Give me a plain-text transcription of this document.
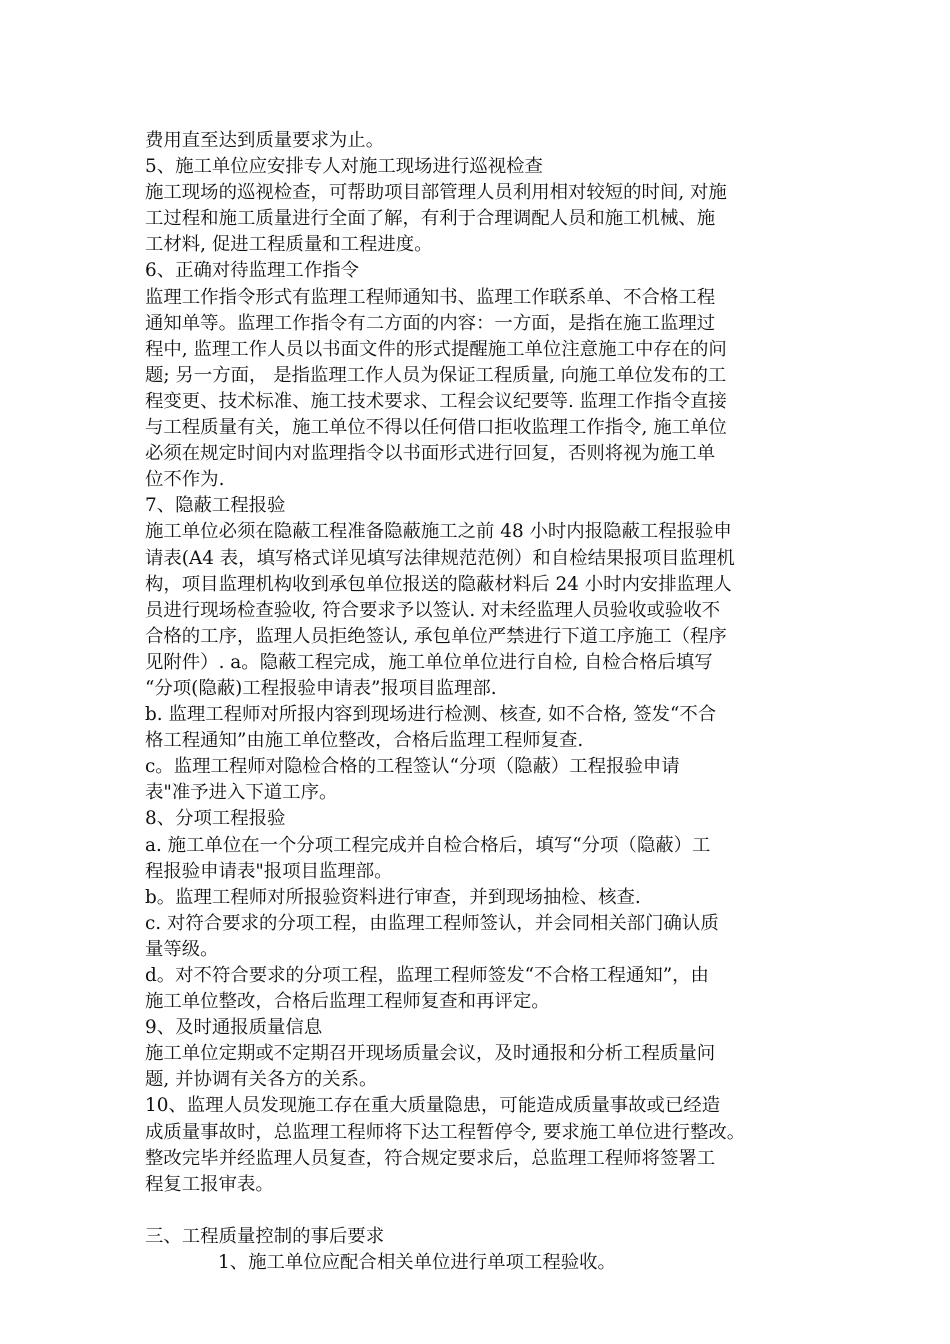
费用直至达到质量要求为止。
5、施工单位应安排专人对施工现场进行巡视检查
施工现场的巡视检查，可帮助项目部管理人员利用相对较短的时间, 对施
工过程和施工质量进行全面了解，有利于合理调配人员和施工机械、施
工材料, 促进工程质量和工程进度。
6、正确对待监理工作指令
监理工作指令形式有监理工程师通知书、监理工作联系单、不合格工程
通知单等。监理工作指令有二方面的内容：一方面，是指在施工监理过
程中, 监理工作人员以书面文件的形式提醒施工单位注意施工中存在的问
题; 另一方面， 是指监理工作人员为保证工程质量, 向施工单位发布的工
程变更、技术标准、施工技术要求、工程会议纪要等. 监理工作指令直接
与工程质量有关，施工单位不得以任何借口拒收监理工作指令, 施工单位
必须在规定时间内对监理指令以书面形式进行回复，否则将视为施工单
位不作为.
7、隐蔽工程报验
施工单位必须在隐蔽工程准备隐蔽施工之前 48 小时内报隐蔽工程报验申
请表(A4 表，填写格式详见填写法律规范范例）和自检结果报项目监理机
构，项目监理机构收到承包单位报送的隐蔽材料后 24 小时内安排监理人
员进行现场检查验收, 符合要求予以签认. 对未经监理人员验收或验收不
合格的工序，监理人员拒绝签认, 承包单位严禁进行下道工序施工（程序
见附件）. a。隐蔽工程完成，施工单位单位进行自检, 自检合格后填写
“分项(隐蔽)工程报验申请表”报项目监理部.
b. 监理工程师对所报内容到现场进行检测、核查, 如不合格, 签发“不合
格工程通知”由施工单位整改，合格后监理工程师复查.
c。监理工程师对隐检合格的工程签认“分项（隐蔽）工程报验申请
表"准予进入下道工序。
8、分项工程报验
a. 施工单位在一个分项工程完成并自检合格后，填写“分项（隐蔽）工
程报验申请表"报项目监理部。
b。监理工程师对所报验资料进行审查，并到现场抽检、核查.
c. 对符合要求的分项工程，由监理工程师签认，并会同相关部门确认质
量等级。
d。对不符合要求的分项工程，监理工程师签发“不合格工程通知”，由
施工单位整改，合格后监理工程师复查和再评定。
9、及时通报质量信息
施工单位定期或不定期召开现场质量会议，及时通报和分析工程质量问
题, 并协调有关各方的关系。
10、监理人员发现施工存在重大质量隐患，可能造成质量事故或已经造
成质量事故时，总监理工程师将下达工程暂停令, 要求施工单位进行整改。
整改完毕并经监理人员复查，符合规定要求后，总监理工程师将签署工
程复工报审表。
三、工程质量控制的事后要求
1、施工单位应配合相关单位进行单项工程验收。
